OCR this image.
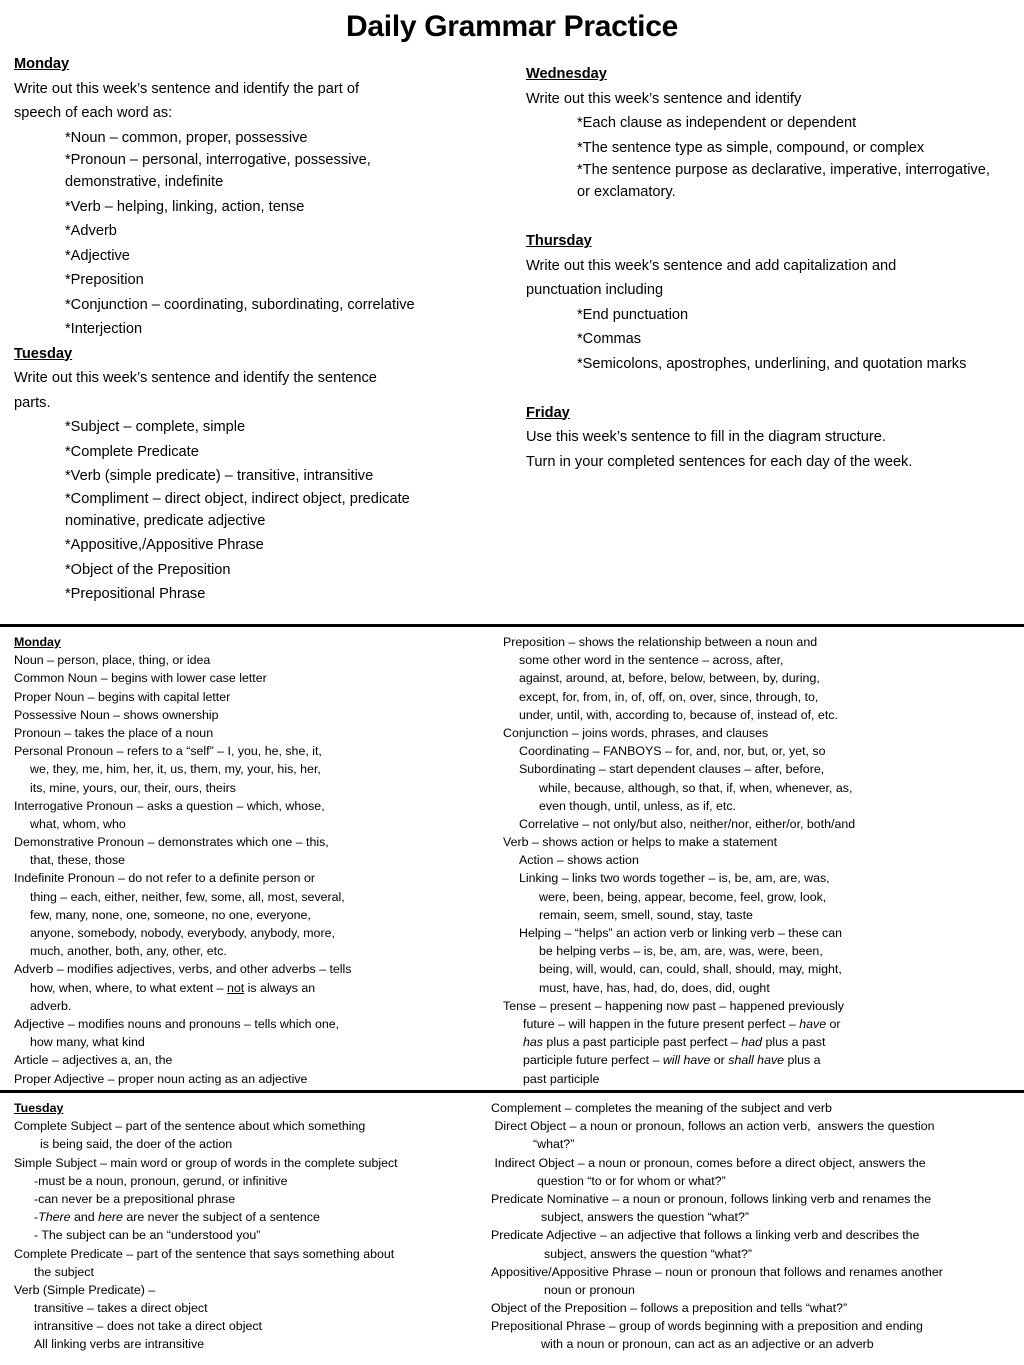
Daily Grammar Practice
Monday
Write out this week’s sentence and identify the part of
speech of each word as:
*Noun – common, proper, possessive
*Pronoun – personal, interrogative, possessive,
demonstrative, indefinite
*Verb – helping, linking, action, tense
*Adverb
*Adjective
*Preposition
*Conjunction – coordinating, subordinating, correlative
*Interjection
Tuesday
Write out this week’s sentence and identify the sentence
parts.
*Subject – complete, simple
*Complete Predicate
*Verb (simple predicate) – transitive, intransitive
*Compliment – direct object, indirect object, predicate
nominative, predicate adjective
*Appositive,/Appositive Phrase
*Object of the Preposition
*Prepositional Phrase
Wednesday
Write out this week’s sentence and identify
*Each clause as independent or dependent
*The sentence type as simple, compound, or complex
*The sentence purpose as declarative, imperative, interrogative,
or exclamatory.
Thursday
Write out this week’s sentence and add capitalization and
punctuation including
*End punctuation
*Commas
*Semicolons, apostrophes, underlining, and quotation marks
Friday
Use this week’s sentence to fill in the diagram structure.
Turn in your completed sentences for each day of the week.
Monday
Noun – person, place, thing, or idea
Common Noun – begins with lower case letter
Proper Noun – begins with capital letter
Possessive Noun – shows ownership
Pronoun – takes the place of a noun
Personal Pronoun – refers to a “self” – I, you, he, she, it,
we, they, me, him, her, it, us, them, my, your, his, her,
its, mine, yours, our, their, ours, theirs
Interrogative Pronoun – asks a question – which, whose,
what, whom, who
Demonstrative Pronoun – demonstrates which one – this,
that, these, those
Indefinite Pronoun – do not refer to a definite person or
thing – each, either, neither, few, some, all, most, several,
few, many, none, one, someone, no one, everyone,
anyone, somebody, nobody, everybody, anybody, more,
much, another, both, any, other, etc.
Adverb – modifies adjectives, verbs, and other adverbs – tells
how, when, where, to what extent – not is always an
adverb.
Adjective – modifies nouns and pronouns – tells which one,
how many, what kind
Article – adjectives a, an, the
Proper Adjective – proper noun acting as an adjective
Preposition – shows the relationship between a noun and
some other word in the sentence – across, after,
against, around, at, before, below, between, by, during,
except, for, from, in, of, off, on, over, since, through, to,
under, until, with, according to, because of, instead of, etc.
Conjunction – joins words, phrases, and clauses
Coordinating – FANBOYS – for, and, nor, but, or, yet, so
Subordinating – start dependent clauses – after, before,
while, because, although, so that, if, when, whenever, as,
even though, until, unless, as if, etc.
Correlative – not only/but also, neither/nor, either/or, both/and
Verb – shows action or helps to make a statement
Action – shows action
Linking – links two words together – is, be, am, are, was,
were, been, being, appear, become, feel, grow, look,
remain, seem, smell, sound, stay, taste
Helping – “helps” an action verb or linking verb – these can
be helping verbs – is, be, am, are, was, were, been,
being, will, would, can, could, shall, should, may, might,
must, have, has, had, do, does, did, ought
Tense – present – happening now past – happened previously
future – will happen in the future present perfect – have or
has plus a past participle past perfect – had plus a past
participle future perfect – will have or shall have plus a
past participle
Tuesday
Complete Subject – part of the sentence about which something
is being said, the doer of the action
Simple Subject – main word or group of words in the complete subject
-must be a noun, pronoun, gerund, or infinitive
-can never be a prepositional phrase
-There and here are never the subject of a sentence
- The subject can be an “understood you”
Complete Predicate – part of the sentence that says something about
the subject
Verb (Simple Predicate) –
transitive – takes a direct object
intransitive – does not take a direct object
All linking verbs are intransitive
Complement – completes the meaning of the subject and verb
Direct Object – a noun or pronoun, follows an action verb,  answers the question
“what?”
Indirect Object – a noun or pronoun, comes before a direct object, answers the
question “to or for whom or what?”
Predicate Nominative – a noun or pronoun, follows linking verb and renames the
subject, answers the question “what?”
Predicate Adjective – an adjective that follows a linking verb and describes the
subject, answers the question “what?”
Appositive/Appositive Phrase – noun or pronoun that follows and renames another
noun or pronoun
Object of the Preposition – follows a preposition and tells “what?”
Prepositional Phrase – group of words beginning with a preposition and ending
with a noun or pronoun, can act as an adjective or an adverb
